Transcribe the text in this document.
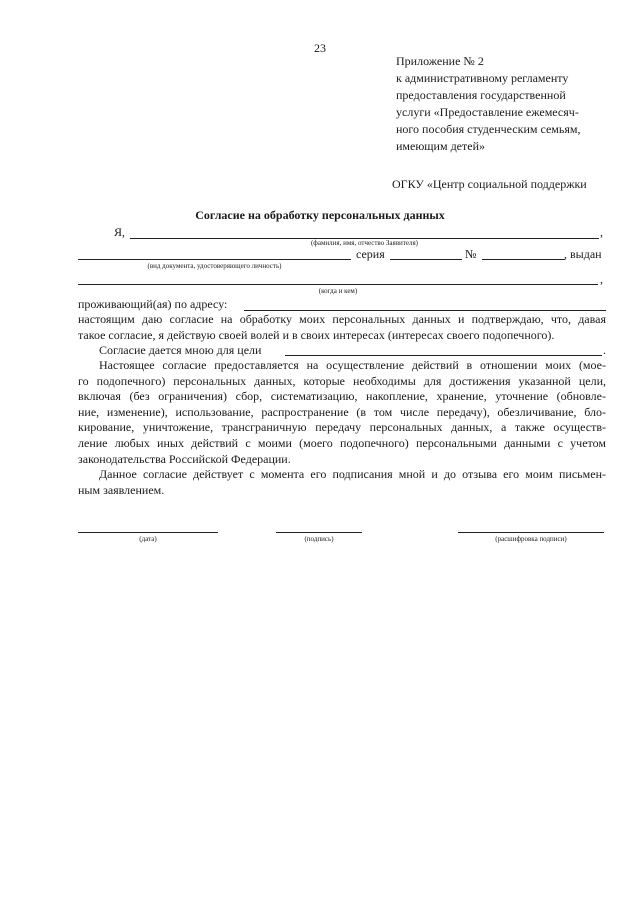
23
Приложение № 2
к административному регламенту
предоставления государственной
услуги «Предоставление ежемесяч-
ного пособия студенческим семьям,
имеющим детей»
ОГКУ «Центр социальной поддержки
Согласие на обработку персональных данных
Я,	,
(фамилия, имя, отчество Заявителя)
серия	№	, выдан
(вид документа, удостоверяющего личность)
,
(когда и кем)
проживающий(ая) по адресу:
настоящим даю согласие на обработку моих персональных данных и подтверждаю, что, давая
такое согласие, я действую своей волей и в своих интересах (интересах своего подопечного).
Согласие дается мною для цели	.
Настоящее согласие предоставляется на осуществление действий в отношении моих (мое-
го подопечного) персональных данных, которые необходимы для достижения указанной цели,
включая (без ограничения) сбор, систематизацию, накопление, хранение, уточнение (обновле-
ние, изменение), использование, распространение (в том числе передачу), обезличивание, бло-
кирование, уничтожение, трансграничную передачу персональных данных, а также осуществ-
ление любых иных действий с моими (моего подопечного) персональными данными с учетом
законодательства Российской Федерации.
Данное согласие действует с момента его подписания мной и до отзыва его моим письмен-
ным заявлением.
(дата)	(подпись)	(расшифровка подписи)
